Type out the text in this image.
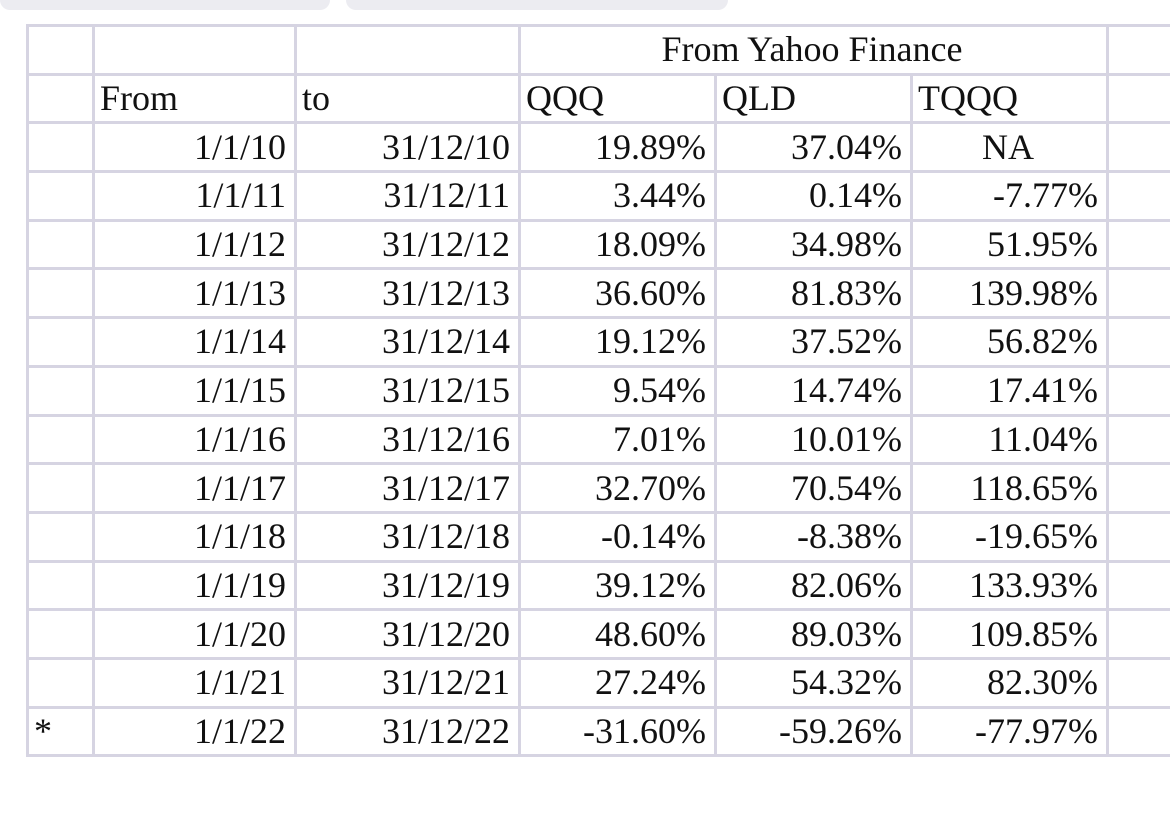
			From Yahoo Finance			
	From	to	QQQ	QLD	TQQQ	
	1/1/10	31/12/10	19.89%	37.04%	NA	
	1/1/11	31/12/11	3.44%	0.14%	-7.77%	
	1/1/12	31/12/12	18.09%	34.98%	51.95%	
	1/1/13	31/12/13	36.60%	81.83%	139.98%	
	1/1/14	31/12/14	19.12%	37.52%	56.82%	
	1/1/15	31/12/15	9.54%	14.74%	17.41%	
	1/1/16	31/12/16	7.01%	10.01%	11.04%	
	1/1/17	31/12/17	32.70%	70.54%	118.65%	
	1/1/18	31/12/18	-0.14%	-8.38%	-19.65%	
	1/1/19	31/12/19	39.12%	82.06%	133.93%	
	1/1/20	31/12/20	48.60%	89.03%	109.85%	
	1/1/21	31/12/21	27.24%	54.32%	82.30%	
*	1/1/22	31/12/22	-31.60%	-59.26%	-77.97%	
